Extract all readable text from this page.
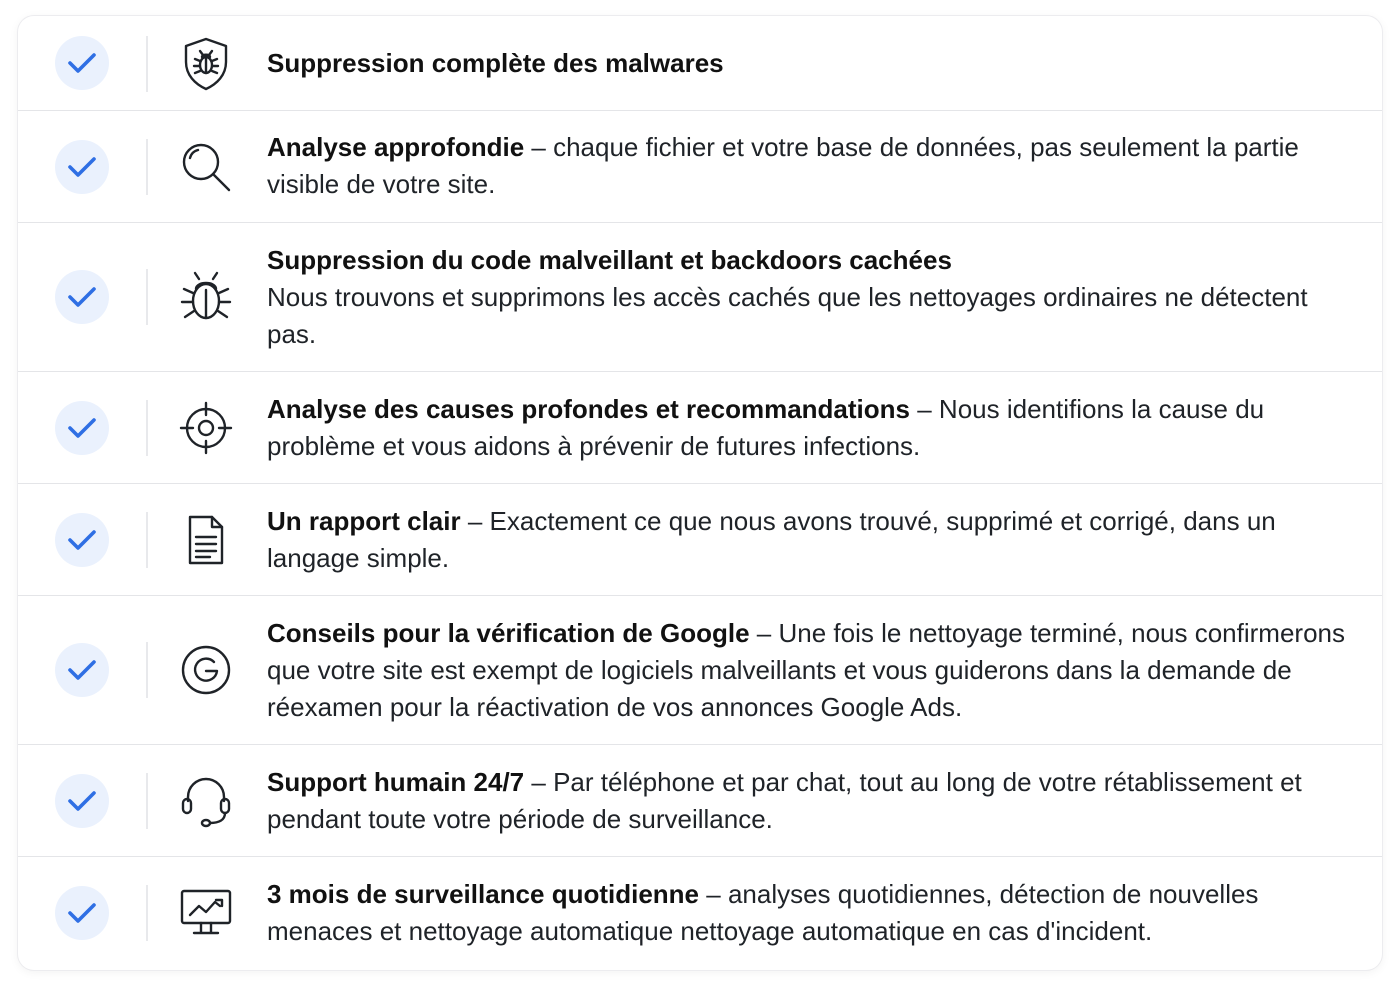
Suppression complète des malwares
Analyse approfondie – chaque fichier et votre base de données, pas seulement la partie visible de votre site.
Suppression du code malveillant et backdoors cachées
Nous trouvons et supprimons les accès cachés que les nettoyages ordinaires ne détectent pas.
Analyse des causes profondes et recommandations – Nous identifions la cause du problème et vous aidons à prévenir de futures infections.
Un rapport clair – Exactement ce que nous avons trouvé, supprimé et corrigé, dans un langage simple.
Conseils pour la vérification de Google – Une fois le nettoyage terminé, nous confirmerons que votre site est exempt de logiciels malveillants et vous guiderons dans la demande de réexamen pour la réactivation de vos annonces Google Ads.
Support humain 24/7 – Par téléphone et par chat, tout au long de votre rétablissement et pendant toute votre période de surveillance.
3 mois de surveillance quotidienne – analyses quotidiennes, détection de nouvelles menaces et nettoyage automatique nettoyage automatique en cas d'incident.
